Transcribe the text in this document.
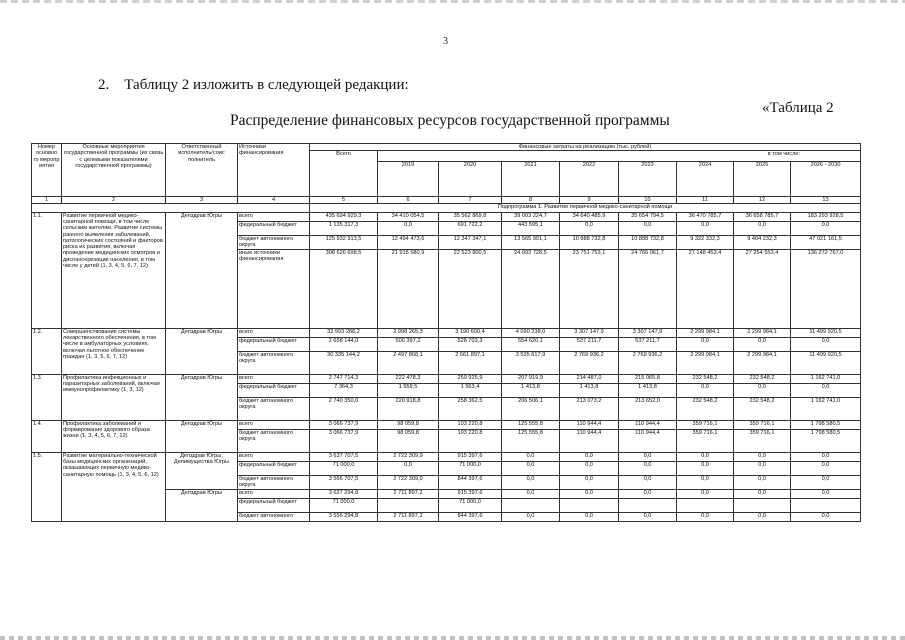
3
2.    Таблицу 2 изложить в следующей редакции:
«Таблица 2
Распределение финансовых ресурсов государственной программы
Номер основно го меропр иятия	Основные мероприятия государственной программы (их связь с целевыми показателями государственной программы)	Ответственный исполнитель/соис полнитель	Источники финансирования	Финансовые затраты на реализацию (тыс. рублей)								
				Всего	в том числе:							
					2019	2020	2021	2022	2023	2024	2025	2026 - 2030
1	2	3	4	5	6	7	8	9	10	11	12	13
				Подпрограмма 1. Развитие первичной медико-санитарной помощи								
1.1.	Развитие первичной медико-санитарной помощи, в том числе сельским жителям. Развитие системы раннего выявления заболеваний, патологических состояний и факторов риска их развития, включая проведение медицинских осмотров и диспансеризации населения, в том числе у детей (1, 3, 4, 5, 6, 7, 12)	Депздрав Югры	всего	435 694 929,3	34 410 054,5	35 562 869,8	39 003 224,7	34 640 485,9	35 654 794,5	36 470 785,7	36 658 785,7	183 293 928,5
			федеральный бюджет	1 135 317,3	0,0	691 722,2	443 595,1	0,0	0,0	0,0	0,0	0,0
			бюджет автономного округа	125 932 913,5	12 494 473,6	12 347 347,1	13 565 901,1	10 888 732,8	10 888 732,8	9 322 332,3	9 404 232,3	47 021 161,5
			иные источники финансирования	308 626 698,5	21 915 580,9	22 523 800,5	24 993 728,5	23 751 753,1	24 766 061,7	27 148 453,4	27 254 553,4	136 272 767,0
1.2.	Совершенствование системы лекарственного обеспечения, в том числе в амбулаторных условиях, включая льготное обеспечение граждан (1, 3, 5, 6, 7, 12)	Депздрав Югры	всего	32 993 288,2	2 998 265,3	3 190 600,4	4 090 238,0	3 307 147,9	3 307 147,9	2 299 984,1	2 299 984,1	11 499 920,5
			федеральный бюджет	2 658 144,0	500 397,2	528 703,3	554 620,1	537 211,7	537 211,7	0,0	0,0	0,0
			бюджет автономного округа	30 335 144,2	2 497 868,1	2 661 897,1	3 535 617,9	2 769 936,2	2 769 936,2	2 299 984,1	2 299 984,1	11 499 920,5
1.3.	Профилактика инфекционных и паразитарных заболеваний, включая иммунопрофилактику (1, 3, 12)	Депздрав Югры	всего	2 747 714,3	222 478,3	259 925,9	207 919,9	214 487,0	215 065,8	232 548,2	232 548,2	1 162 741,0
			федеральный бюджет	7 364,3	1 559,5	1 563,4	1 413,8	1 413,8	1 413,8	0,0	0,0	0,0
			бюджет автономного округа	2 740 350,0	220 918,8	258 362,5	206 506,1	213 073,2	213 652,0	232 548,2	232 548,2	1 162 741,0
1.4.	Профилактика заболеваний и формирование здорового образа жизни (1, 3, 4, 5, 6, 7, 12)	Депздрав Югры	всего	3 066 737,9	98 059,8	103 220,8	125 555,8	110 944,4	110 944,4	359 716,1	359 716,1	1 798 580,5
			бюджет автономного округа	3 066 737,9	98 059,8	103 220,8	125 555,8	110 944,4	110 944,4	359 716,1	359 716,1	1 798 580,5
1.5.	Развитие материально-технической базы медицинских организаций, оказывающих первичную медико-санитарную помощь (1, 3, 4, 5, 6, 12)	Депздрав Югры, Депимущества Югры	всего	3 637 707,5	2 722 309,9	915 397,6	0,0	0,0	0,0	0,0	0,0	0,0
			федеральный бюджет	71 000,0	0,0	71 000,0	0,0	0,0	0,0	0,0	0,0	0,0
			бюджет автономного округа	3 566 707,5	2 722 309,9	844 397,6	0,0	0,0	0,0	0,0	0,0	0,0
		Депздрав Югры	всего	3 627 294,8	2 711 897,2	915 397,6	0,0	0,0	0,0	0,0	0,0	0,0
			федеральный бюджет	71 000,0		71 000,0						
			бюджет автономного	3 556 294,8	2 711 897,2	844 397,6	0,0	0,0	0,0	0,0	0,0	0,0
